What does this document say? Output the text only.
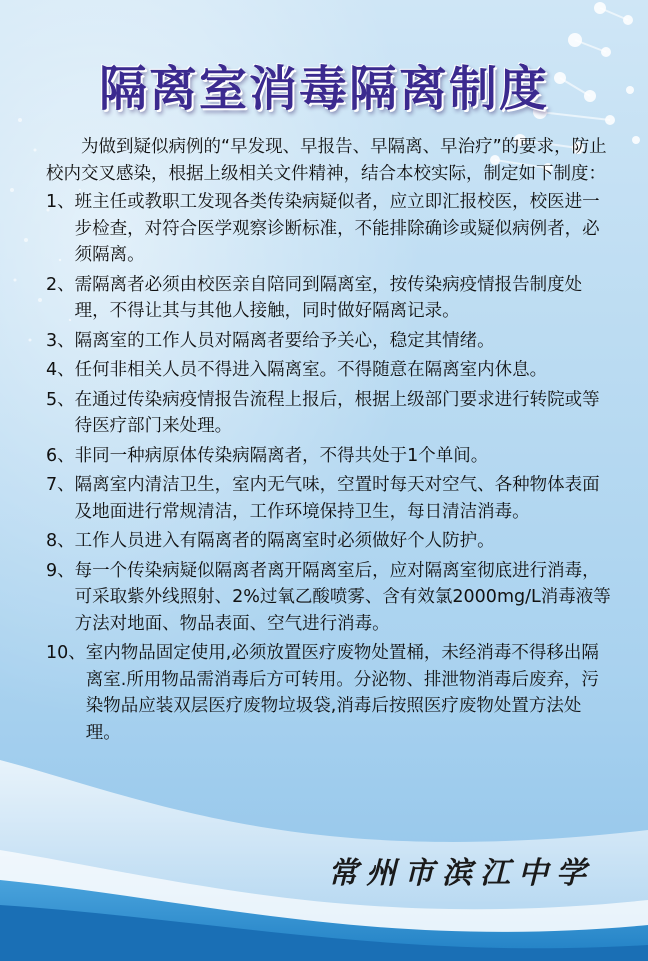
隔离室消毒隔离制度

为做到疑似病例的“早发现、早报告、早隔离、早治疗”的要求，防止校内交叉感染，根据上级相关文件精神，结合本校实际，制定如下制度：

1、 班主任或教职工发现各类传染病疑似者，应立即汇报校医，校医进一步检查，对符合医学观察诊断标准，不能排除确诊或疑似病例者，必须隔离。
2、 需隔离者必须由校医亲自陪同到隔离室，按传染病疫情报告制度处理，不得让其与其他人接触，同时做好隔离记录。
3、 隔离室的工作人员对隔离者要给予关心，稳定其情绪。
4、 任何非相关人员不得进入隔离室。不得随意在隔离室内休息。
5、 在通过传染病疫情报告流程上报后，根据上级部门要求进行转院或等待医疗部门来处理。
6、 非同一种病原体传染病隔离者，不得共处于1个单间。
7、 隔离室内清洁卫生，室内无气味，空置时每天对空气、各种物体表面及地面进行常规清洁，工作环境保持卫生，每日清洁消毒。
8、 工作人员进入有隔离者的隔离室时必须做好个人防护。
9、 每一个传染病疑似隔离者离开隔离室后，应对隔离室彻底进行消毒，可采取紫外线照射、2%过氧乙酸喷雾、含有效氯2000mg/L消毒液等方法对地面、物品表面、空气进行消毒。
10、 室内物品固定使用,必须放置医疗废物处置桶，未经消毒不得移出隔离室.所用物品需消毒后方可转用。分泌物、排泄物消毒后废弃，污染物品应装双层医疗废物垃圾袋,消毒后按照医疗废物处置方法处理。
常州市滨江中学
